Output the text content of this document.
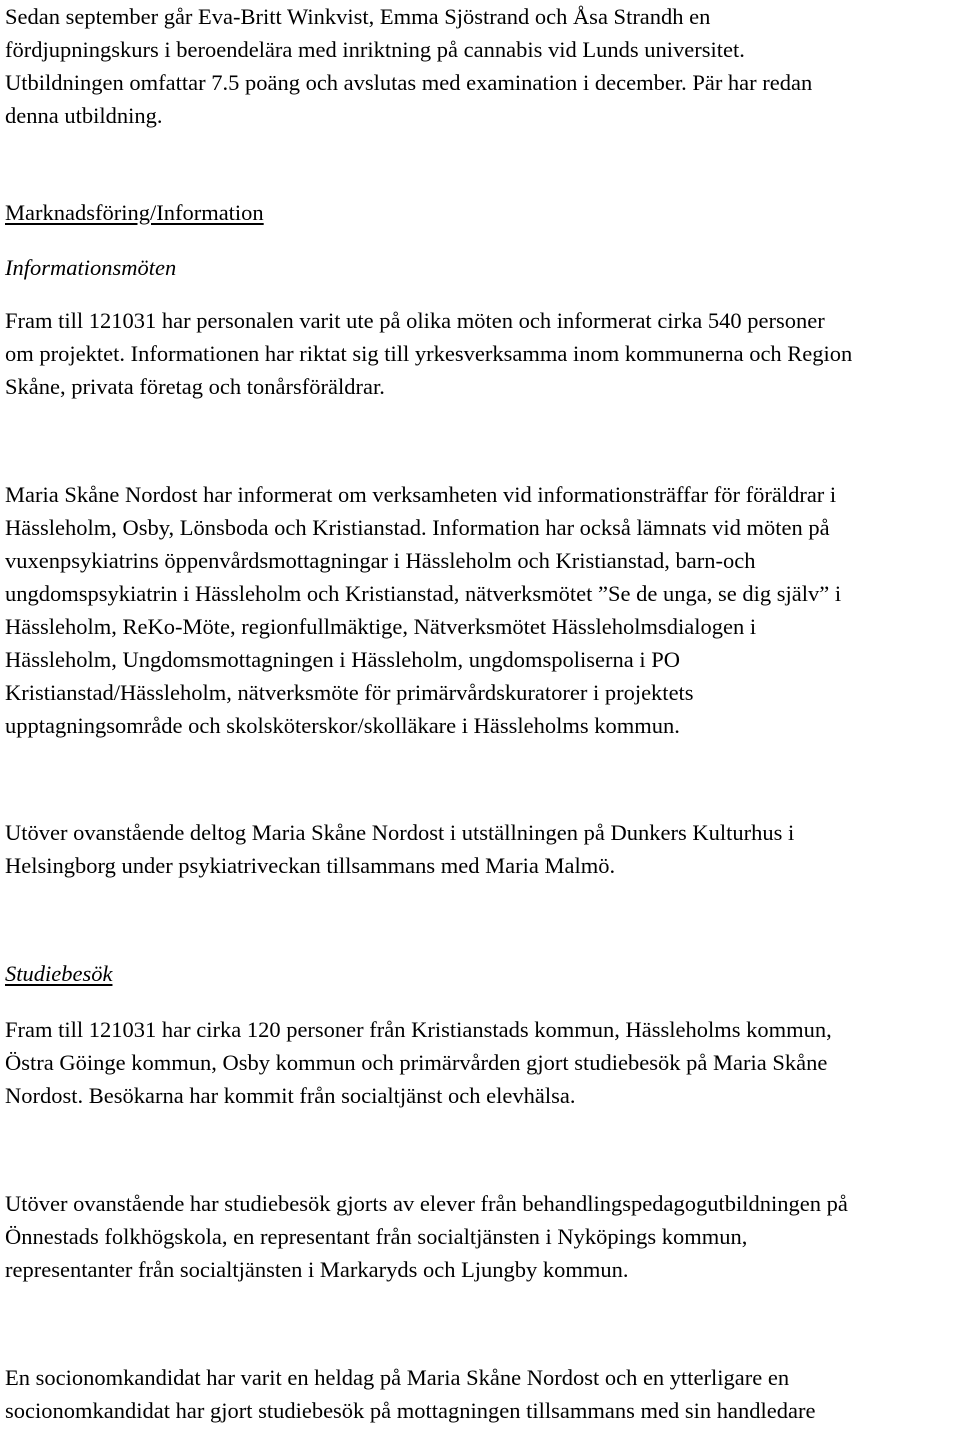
Sedan september går Eva-Britt Winkvist, Emma Sjöstrand och Åsa Strandh en
fördjupningskurs i beroendelära med inriktning på cannabis vid Lunds universitet.
Utbildningen omfattar 7.5 poäng och avslutas med examination i december. Pär har redan
denna utbildning.
Marknadsföring/Information
Informationsmöten
Fram till 121031 har personalen varit ute på olika möten och informerat cirka 540 personer
om projektet. Informationen har riktat sig till yrkesverksamma inom kommunerna och Region
Skåne, privata företag och tonårsföräldrar.
Maria Skåne Nordost har informerat om verksamheten vid informationsträffar för föräldrar i
Hässleholm, Osby, Lönsboda och Kristianstad. Information har också lämnats vid möten på
vuxenpsykiatrins öppenvårdsmottagningar i Hässleholm och Kristianstad, barn-och
ungdomspsykiatrin i Hässleholm och Kristianstad, nätverksmötet ”Se de unga, se dig själv” i
Hässleholm, ReKo-Möte, regionfullmäktige, Nätverksmötet Hässleholmsdialogen i
Hässleholm, Ungdomsmottagningen i Hässleholm, ungdomspoliserna i PO
Kristianstad/Hässleholm, nätverksmöte för primärvårdskuratorer i projektets
upptagningsområde och skolsköterskor/skolläkare i Hässleholms kommun.
Utöver ovanstående deltog Maria Skåne Nordost i utställningen på Dunkers Kulturhus i
Helsingborg under psykiatriveckan tillsammans med Maria Malmö.
Studiebesök
Fram till 121031 har cirka 120 personer från Kristianstads kommun, Hässleholms kommun,
Östra Göinge kommun, Osby kommun och primärvården gjort studiebesök på Maria Skåne
Nordost. Besökarna har kommit från socialtjänst och elevhälsa.
Utöver ovanstående har studiebesök gjorts av elever från behandlingspedagogutbildningen på
Önnestads folkhögskola, en representant från socialtjänsten i Nyköpings kommun,
representanter från socialtjänsten i Markaryds och Ljungby kommun.
En socionomkandidat har varit en heldag på Maria Skåne Nordost och en ytterligare en
socionomkandidat har gjort studiebesök på mottagningen tillsammans med sin handledare
